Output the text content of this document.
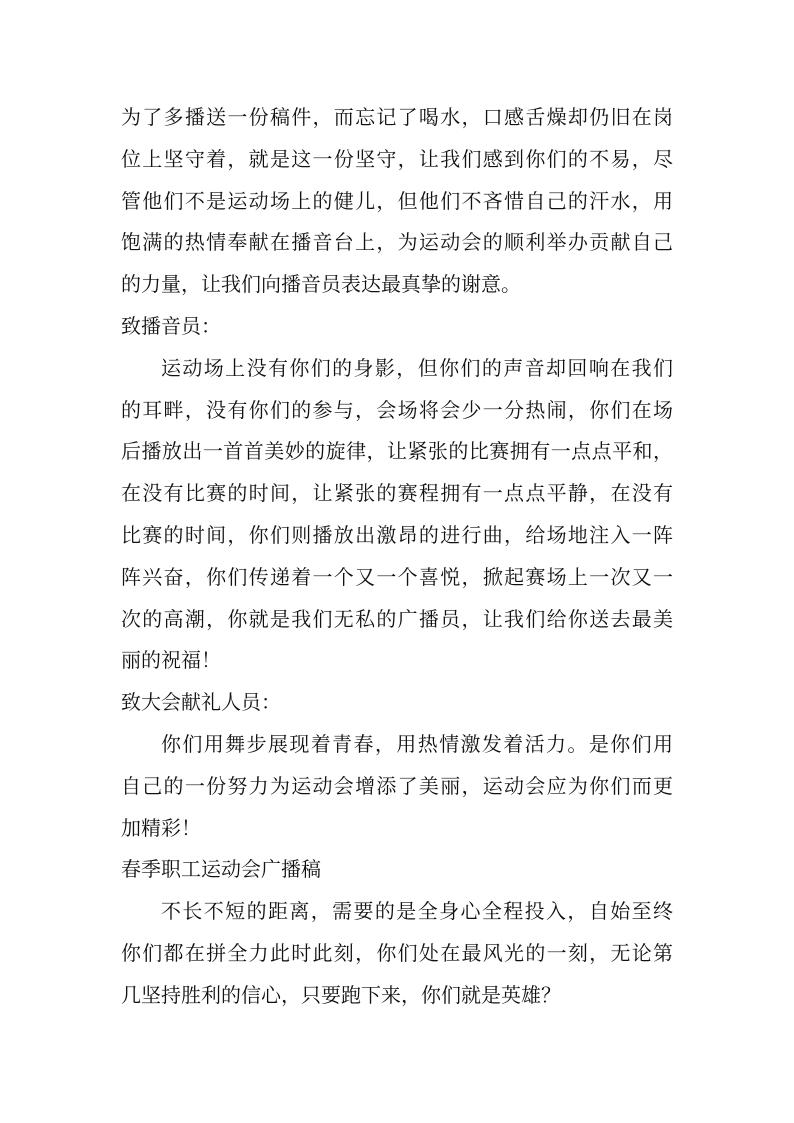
为了多播送一份稿件，而忘记了喝水，口感舌燥却仍旧在岗
位上坚守着，就是这一份坚守，让我们感到你们的不易，尽
管他们不是运动场上的健儿，但他们不吝惜自己的汗水，用
饱满的热情奉献在播音台上，为运动会的顺利举办贡献自己
的力量，让我们向播音员表达最真挚的谢意。
致播音员：
运动场上没有你们的身影，但你们的声音却回响在我们
的耳畔，没有你们的参与，会场将会少一分热闹，你们在场
后播放出一首首美妙的旋律，让紧张的比赛拥有一点点平和，
在没有比赛的时间，让紧张的赛程拥有一点点平静，在没有
比赛的时间，你们则播放出激昂的进行曲，给场地注入一阵
阵兴奋，你们传递着一个又一个喜悦，掀起赛场上一次又一
次的高潮，你就是我们无私的广播员，让我们给你送去最美
丽的祝福！
致大会献礼人员：
你们用舞步展现着青春，用热情激发着活力。是你们用
自己的一份努力为运动会增添了美丽，运动会应为你们而更
加精彩！
春季职工运动会广播稿
不长不短的距离，需要的是全身心全程投入，自始至终
你们都在拼全力此时此刻，你们处在最风光的一刻，无论第
几坚持胜利的信心，只要跑下来，你们就是英雄？
